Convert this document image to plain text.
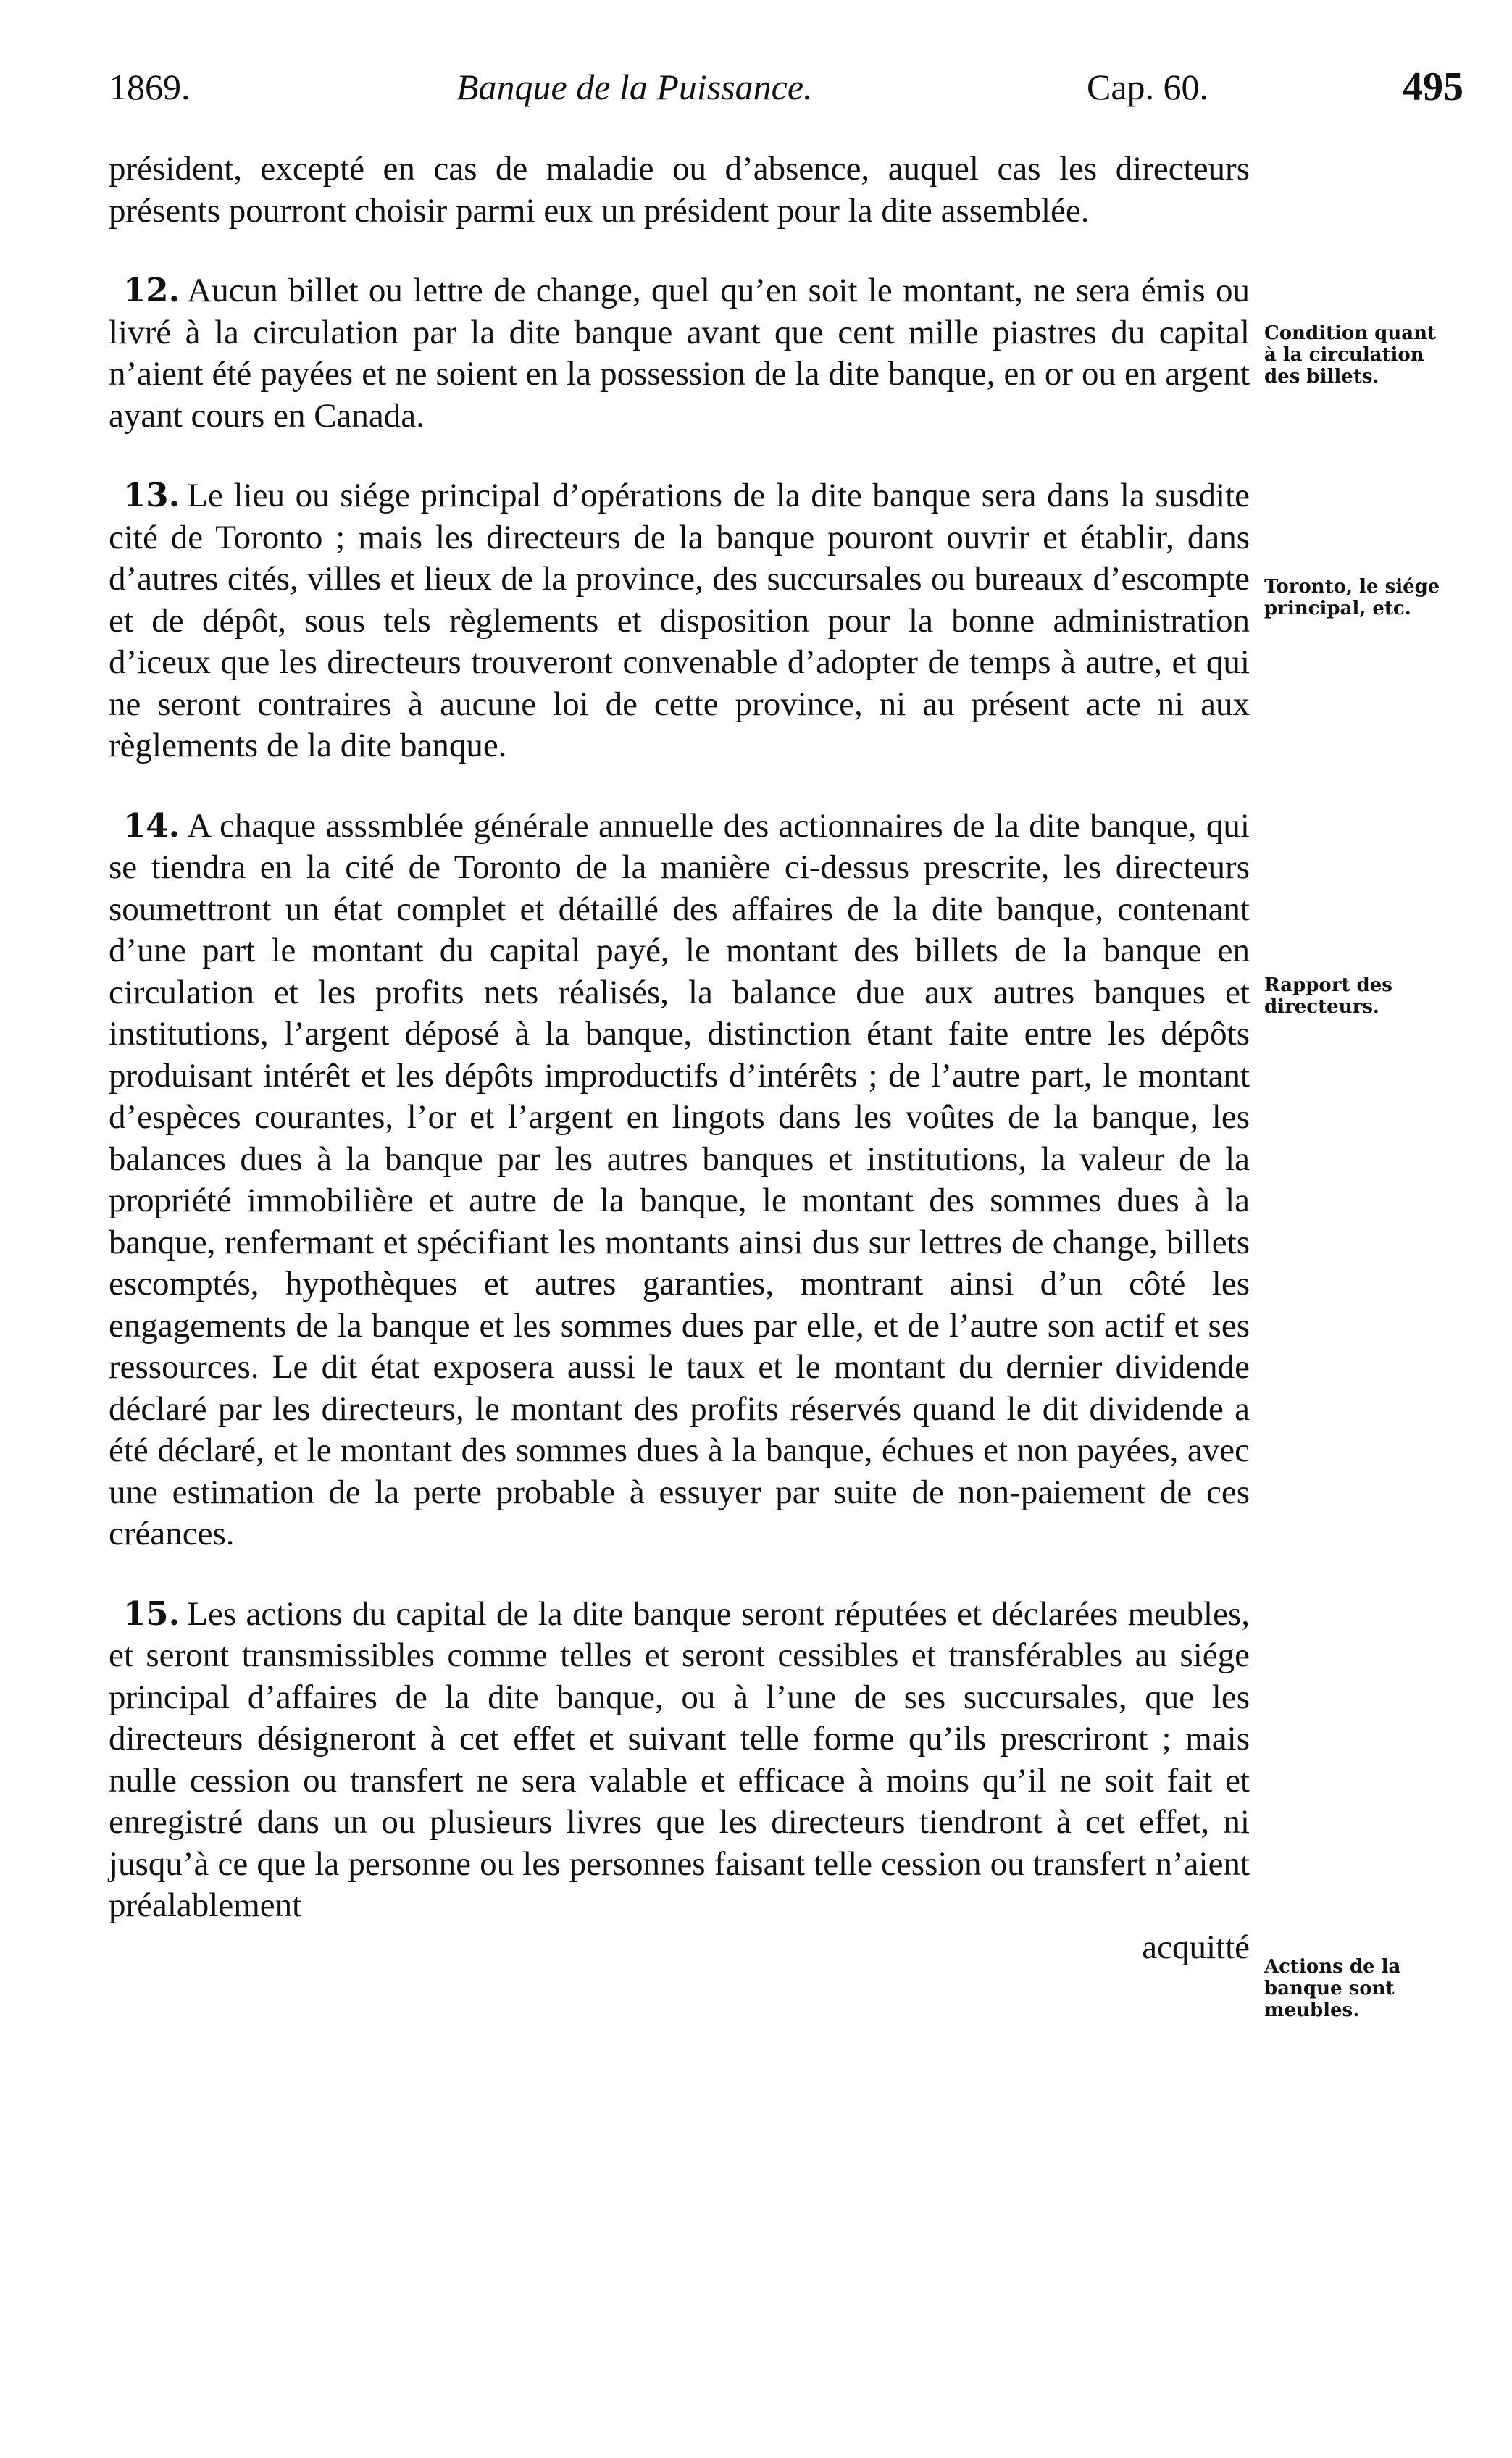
1869.	Banque de la Puissance.	Cap. 60.	495

président, excepté en cas de maladie ou d’absence, auquel cas les directeurs présents pourront choisir parmi eux un président pour la dite assemblée.

12. Aucun billet ou lettre de change, quel qu’en soit le montant, ne sera émis ou livré à la circulation par la dite banque avant que cent mille piastres du capital n’aient été payées et ne soient en la possession de la dite banque, en or ou en argent ayant cours en Canada.

13. Le lieu ou siége principal d’opérations de la dite banque sera dans la susdite cité de Toronto ; mais les directeurs de la banque pouront ouvrir et établir, dans d’autres cités, villes et lieux de la province, des succursales ou bureaux d’escompte et de dépôt, sous tels règlements et disposition pour la bonne administration d’iceux que les directeurs trouveront convenable d’adopter de temps à autre, et qui ne seront contraires à aucune loi de cette province, ni au présent acte ni aux règlements de la dite banque.

14. A chaque asssmblée générale annuelle des actionnaires de la dite banque, qui se tiendra en la cité de Toronto de la manière ci-dessus prescrite, les directeurs soumettront un état complet et détaillé des affaires de la dite banque, contenant d’une part le montant du capital payé, le montant des billets de la banque en circulation et les profits nets réalisés, la balance due aux autres banques et institutions, l’argent déposé à la banque, distinction étant faite entre les dépôts produisant intérêt et les dépôts improductifs d’intérêts ; de l’autre part, le montant d’espèces courantes, l’or et l’argent en lingots dans les voûtes de la banque, les balances dues à la banque par les autres banques et institutions, la valeur de la propriété immobilière et autre de la banque, le montant des sommes dues à la banque, renfermant et spécifiant les montants ainsi dus sur lettres de change, billets escomptés, hypothèques et autres garanties, montrant ainsi d’un côté les engagements de la banque et les sommes dues par elle, et de l’autre son actif et ses ressources. Le dit état exposera aussi le taux et le montant du dernier dividende déclaré par les directeurs, le montant des profits réservés quand le dit dividende a été déclaré, et le montant des sommes dues à la banque, échues et non payées, avec une estimation de la perte probable à essuyer par suite de non-paiement de ces créances.

15. Les actions du capital de la dite banque seront réputées et déclarées meubles, et seront transmissibles comme telles et seront cessibles et transférables au siége principal d’affaires de la dite banque, ou à l’une de ses succursales, que les directeurs désigneront à cet effet et suivant telle forme qu’ils prescriront ; mais nulle cession ou transfert ne sera valable et efficace à moins qu’il ne soit fait et enregistré dans un ou plusieurs livres que les directeurs tiendront à cet effet, ni jusqu’à ce que la personne ou les personnes faisant telle cession ou transfert n’aient préalablement

acquitté

Condition quant à la circulation des billets.
Toronto, le siége principal, etc.
Rapport des directeurs.
Actions de la banque sont meubles.
